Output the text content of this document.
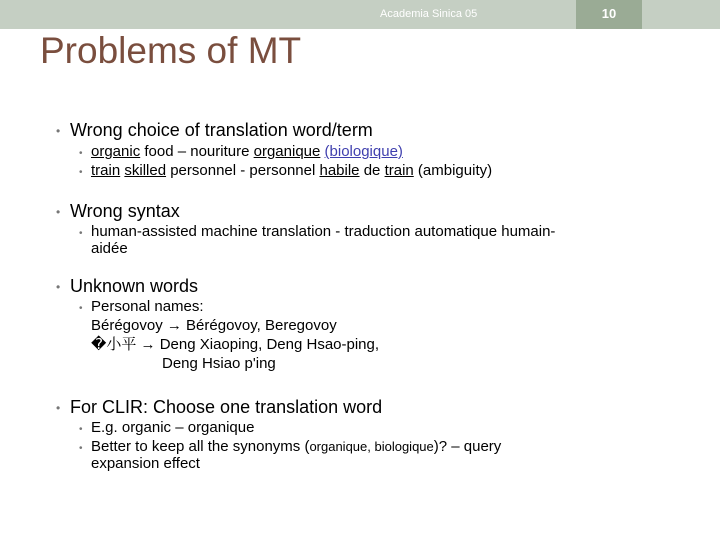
Academia Sinica 05	10
Problems of MT
• Wrong choice of translation word/term
• organic food – nouriture organique (biologique)
• train skilled personnel - personnel habile de train (ambiguity)
• Wrong syntax
• human-assisted machine translation - traduction automatique humain-
aidée
• Unknown words
• Personal names:
Bérégovoy → Bérégovoy, Beregovoy
�小平 → Deng Xiaoping, Deng Hsao-ping,
Deng Hsiao p'ing
• For CLIR: Choose one translation word
• E.g. organic – organique
• Better to keep all the synonyms (organique, biologique)? – query
expansion effect
